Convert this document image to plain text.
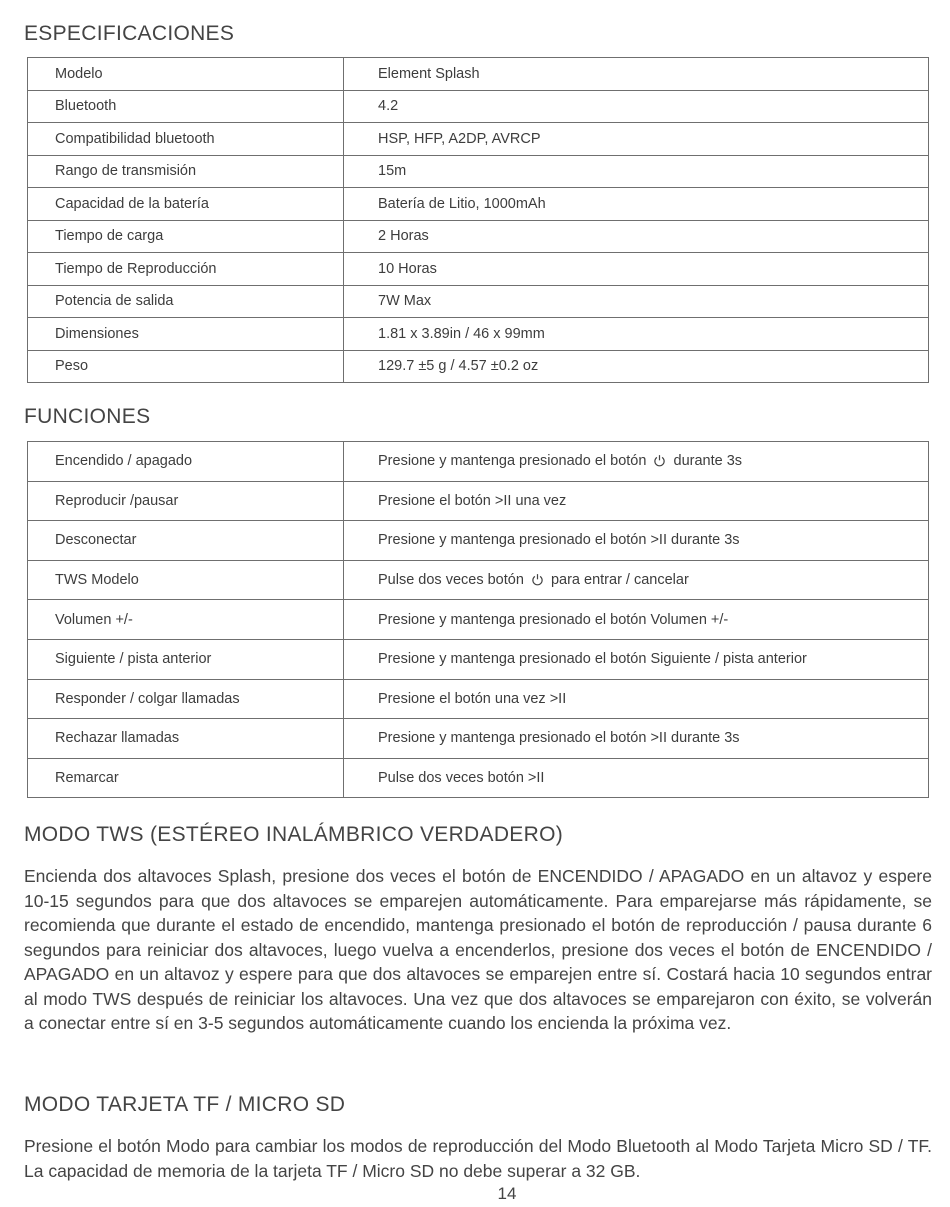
ESPECIFICACIONES
Modelo	Element Splash
Bluetooth	4.2
Compatibilidad bluetooth	HSP, HFP, A2DP, AVRCP
Rango de transmisión	15m
Capacidad de la batería	Batería de Litio, 1000mAh
Tiempo de carga	2 Horas
Tiempo de Reproducción	10 Horas
Potencia de salida	7W Max
Dimensiones	1.81 x 3.89in / 46 x 99mm
Peso	129.7 ±5 g / 4.57 ±0.2 oz
FUNCIONES
Encendido / apagado	Presione y mantenga presionado el botón durante 3s
Reproducir /pausar	Presione el botón >II una vez
Desconectar	Presione y mantenga presionado el botón >II durante 3s
TWS Modelo	Pulse dos veces botón para entrar / cancelar
Volumen +/-	Presione y mantenga presionado el botón Volumen +/-
Siguiente / pista anterior	Presione y mantenga presionado el botón Siguiente / pista anterior
Responder / colgar llamadas	Presione el botón una vez >II
Rechazar llamadas	Presione y mantenga presionado el botón >II durante 3s
Remarcar	Pulse dos veces botón >II
MODO TWS (ESTÉREO INALÁMBRICO VERDADERO)

Encienda dos altavoces Splash, presione dos veces el botón de ENCENDIDO / APAGADO en un altavoz y espere 10-15 segundos para que dos altavoces se emparejen automáticamente. Para emparejarse más rápidamente, se recomienda que durante el estado de encendido, mantenga presionado el botón de reproducción / pausa durante 6 segundos para reiniciar dos altavoces, luego vuelva a encenderlos, presione dos veces el botón de ENCENDIDO / APAGADO en un altavoz y espere para que dos altavoces se emparejen entre sí. Costará hacia 10 segundos entrar al modo TWS después de reiniciar los altavoces. Una vez que dos altavoces se emparejaron con éxito, se volverán a conectar entre sí en 3-5 segundos automáticamente cuando los encienda la próxima vez.

MODO TARJETA TF / MICRO SD

Presione el botón Modo para cambiar los modos de reproducción del Modo Bluetooth al Modo Tarjeta Micro SD / TF. La capacidad de memoria de la tarjeta TF / Micro SD no debe superar a 32 GB.

14
